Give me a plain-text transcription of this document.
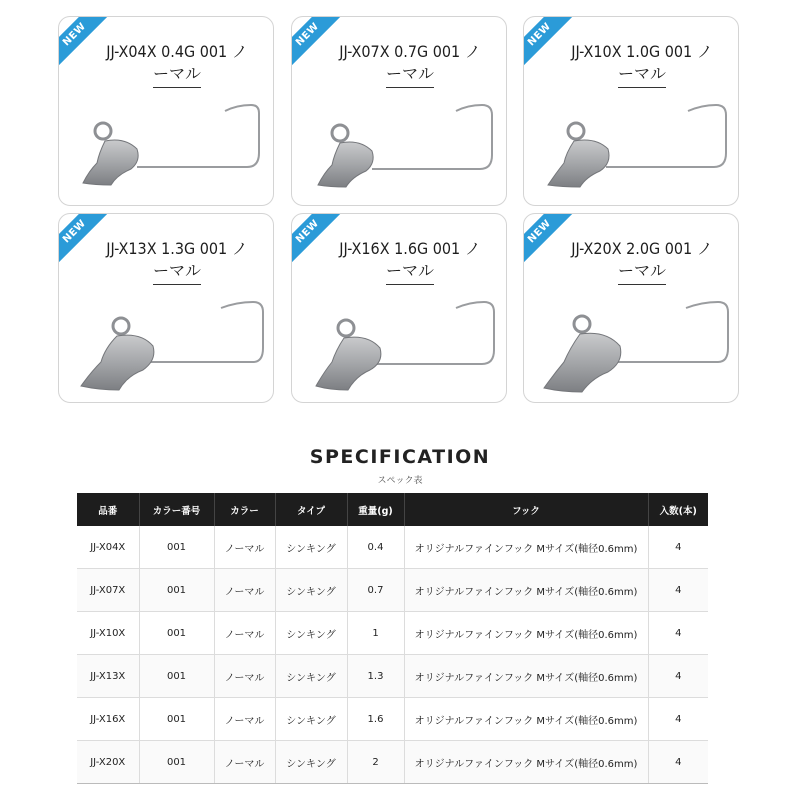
NEW
JJ-X04X 0.4G 001 ノ
ーマル
NEW
JJ-X07X 0.7G 001 ノ
ーマル
NEW
JJ-X10X 1.0G 001 ノ
ーマル
NEW
JJ-X13X 1.3G 001 ノ
ーマル
NEW
JJ-X16X 1.6G 001 ノ
ーマル
NEW
JJ-X20X 2.0G 001 ノ
ーマル
SPECIFICATION
スペック表
品番	カラー番号	カラー	タイプ	重量(g)	フック	入数(本)
JJ-X04X	001	ノーマル	シンキング	0.4	オリジナルファインフック Mサイズ(軸径0.6mm)	4
JJ-X07X	001	ノーマル	シンキング	0.7	オリジナルファインフック Mサイズ(軸径0.6mm)	4
JJ-X10X	001	ノーマル	シンキング	1	オリジナルファインフック Mサイズ(軸径0.6mm)	4
JJ-X13X	001	ノーマル	シンキング	1.3	オリジナルファインフック Mサイズ(軸径0.6mm)	4
JJ-X16X	001	ノーマル	シンキング	1.6	オリジナルファインフック Mサイズ(軸径0.6mm)	4
JJ-X20X	001	ノーマル	シンキング	2	オリジナルファインフック Mサイズ(軸径0.6mm)	4
